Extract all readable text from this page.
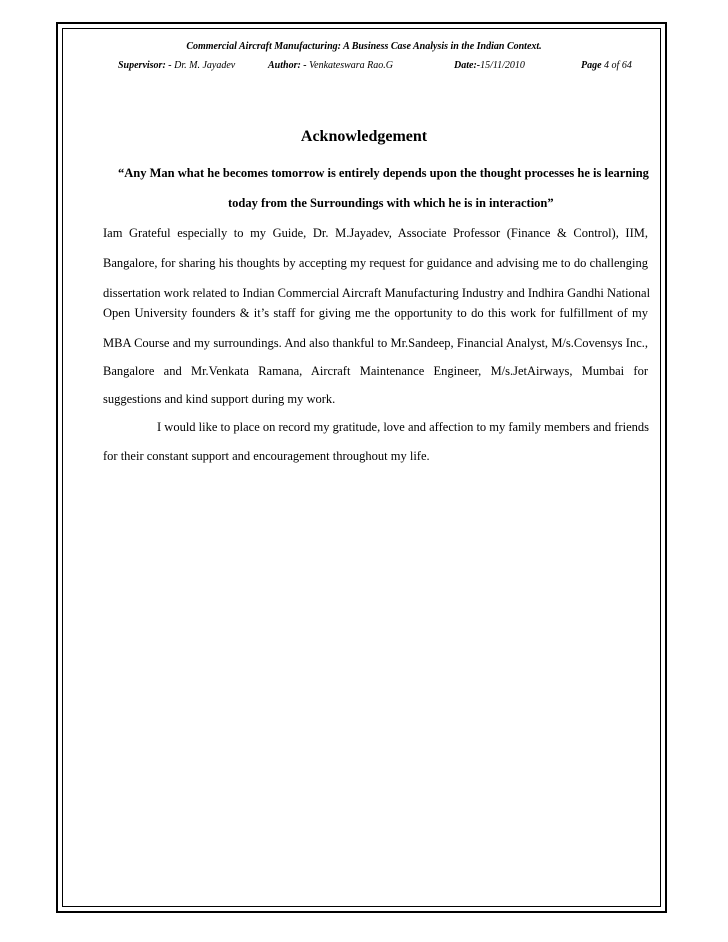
Commercial Aircraft Manufacturing: A Business Case Analysis in the Indian Context.
Supervisor: - Dr. M. Jayadev	Author: - Venkateswara Rao.G	Date:-15/11/2010	Page 4 of 64
Acknowledgement
“Any Man what he becomes tomorrow is entirely depends upon the thought processes he is learning
today from the Surroundings with which he is in interaction”
Iam Grateful especially to my Guide, Dr. M.Jayadev, Associate Professor (Finance & Control), IIM,
Bangalore, for sharing his thoughts by accepting my request for guidance and advising me to do challenging
dissertation work related to Indian Commercial Aircraft Manufacturing Industry and Indhira Gandhi National
Open University founders & it’s staff for giving me the opportunity to do this work for fulfillment of my
MBA Course and my surroundings. And also thankful to Mr.Sandeep, Financial Analyst, M/s.Covensys Inc.,
Bangalore and Mr.Venkata Ramana, Aircraft Maintenance Engineer, M/s.JetAirways, Mumbai for
suggestions and kind support during my work.
I would like to place on record my gratitude, love and affection to my family members and friends
for their constant support and encouragement throughout my life.
